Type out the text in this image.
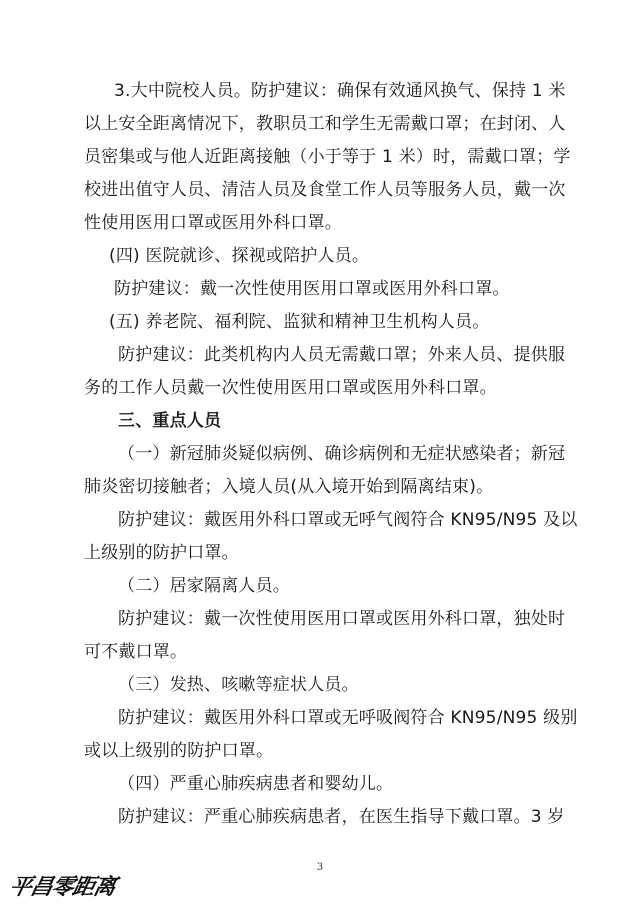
3.大中院校人员。防护建议：确保有效通风换气、保持 1 米
以上安全距离情况下，教职员工和学生无需戴口罩；在封闭、人
员密集或与他人近距离接触（小于等于 1 米）时，需戴口罩；学
校进出值守人员、清洁人员及食堂工作人员等服务人员，戴一次
性使用医用口罩或医用外科口罩。
(四) 医院就诊、探视或陪护人员。
防护建议：戴一次性使用医用口罩或医用外科口罩。
(五) 养老院、福利院、监狱和精神卫生机构人员。
防护建议：此类机构内人员无需戴口罩；外来人员、提供服
务的工作人员戴一次性使用医用口罩或医用外科口罩。
三、重点人员
（一）新冠肺炎疑似病例、确诊病例和无症状感染者；新冠
肺炎密切接触者；入境人员(从入境开始到隔离结束)。
防护建议：戴医用外科口罩或无呼气阀符合 KN95/N95 及以
上级别的防护口罩。
（二）居家隔离人员。
防护建议：戴一次性使用医用口罩或医用外科口罩，独处时
可不戴口罩。
（三）发热、咳嗽等症状人员。
防护建议：戴医用外科口罩或无呼吸阀符合 KN95/N95 级别
或以上级别的防护口罩。
（四）严重心肺疾病患者和婴幼儿。
防护建议：严重心肺疾病患者，在医生指导下戴口罩。3 岁
3
平昌零距离
